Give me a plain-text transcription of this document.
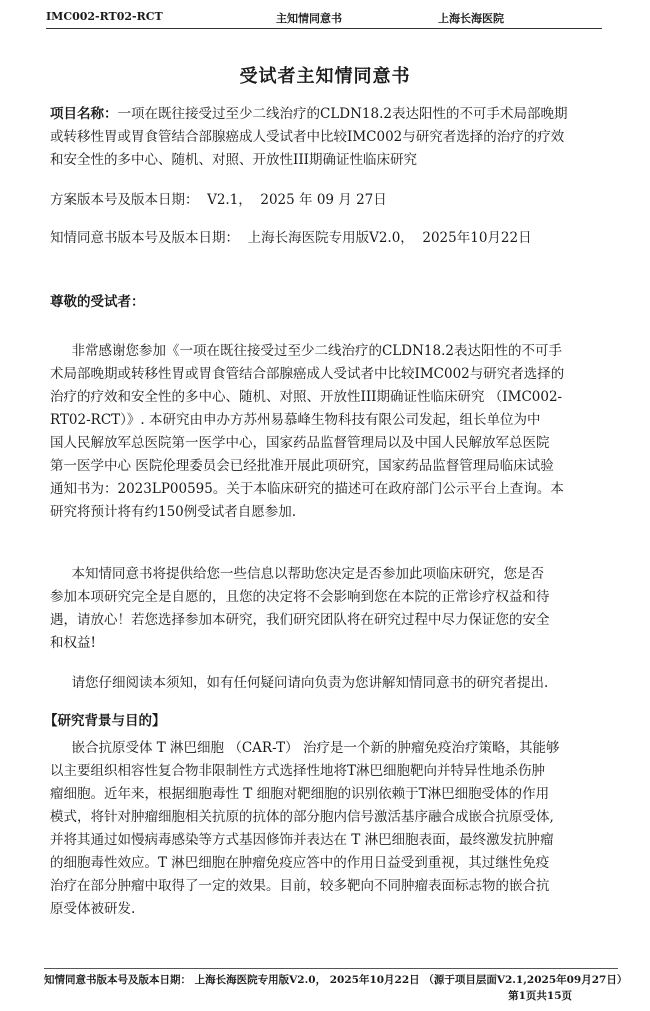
IMC002-RT02-RCT	主知情同意书	上海长海医院
受试者主知情同意书
项目名称：一项在既往接受过至少二线治疗的CLDN18.2表达阳性的不可手术局部晚期
或转移性胃或胃食管结合部腺癌成人受试者中比较IMC002与研究者选择的治疗的疗效
和安全性的多中心、随机、对照、开放性III期确证性临床研究
方案版本号及版本日期：  V2.1，  2025 年 09 月 27日
知情同意书版本号及版本日期：  上海长海医院专用版V2.0，  2025年10月22日
尊敬的受试者：
非常感谢您参加《一项在既往接受过至少二线治疗的CLDN18.2表达阳性的不可手
术局部晚期或转移性胃或胃食管结合部腺癌成人受试者中比较IMC002与研究者选择的
治疗的疗效和安全性的多中心、随机、对照、开放性III期确证性临床研究 （IMC002-
RT02-RCT）》. 本研究由申办方苏州易慕峰生物科技有限公司发起，组长单位为中
国人民解放军总医院第一医学中心，国家药品监督管理局以及中国人民解放军总医院
第一医学中心 医院伦理委员会已经批准开展此项研究，国家药品监督管理局临床试验
通知书为：2023LP00595。关于本临床研究的描述可在政府部门公示平台上查询。本
研究将预计将有约150例受试者自愿参加.
本知情同意书将提供给您一些信息以帮助您决定是否参加此项临床研究，您是否
参加本项研究完全是自愿的，且您的决定将不会影响到您在本院的正常诊疗权益和待
遇，请放心！若您选择参加本研究，我们研究团队将在研究过程中尽力保证您的安全
和权益!
请您仔细阅读本须知，如有任何疑问请向负责为您讲解知情同意书的研究者提出.
【研究背景与目的】
嵌合抗原受体 T 淋巴细胞 （CAR-T） 治疗是一个新的肿瘤免疫治疗策略，其能够
以主要组织相容性复合物非限制性方式选择性地将T淋巴细胞靶向并特异性地杀伤肿
瘤细胞。近年来，根据细胞毒性 T 细胞对靶细胞的识别依赖于T淋巴细胞受体的作用
模式，将针对肿瘤细胞相关抗原的抗体的部分胞内信号激活基序融合成嵌合抗原受体,
并将其通过如慢病毒感染等方式基因修饰并表达在 T 淋巴细胞表面，最终激发抗肿瘤
的细胞毒性效应。T 淋巴细胞在肿瘤免疫应答中的作用日益受到重视，其过继性免疫
治疗在部分肿瘤中取得了一定的效果。目前，较多靶向不同肿瘤表面标志物的嵌合抗
原受体被研发.
知情同意书版本号及版本日期： 上海长海医院专用版V2.0， 2025年10月22日 （源于项目层面V2.1,2025年09月27日）
第1页共15页
